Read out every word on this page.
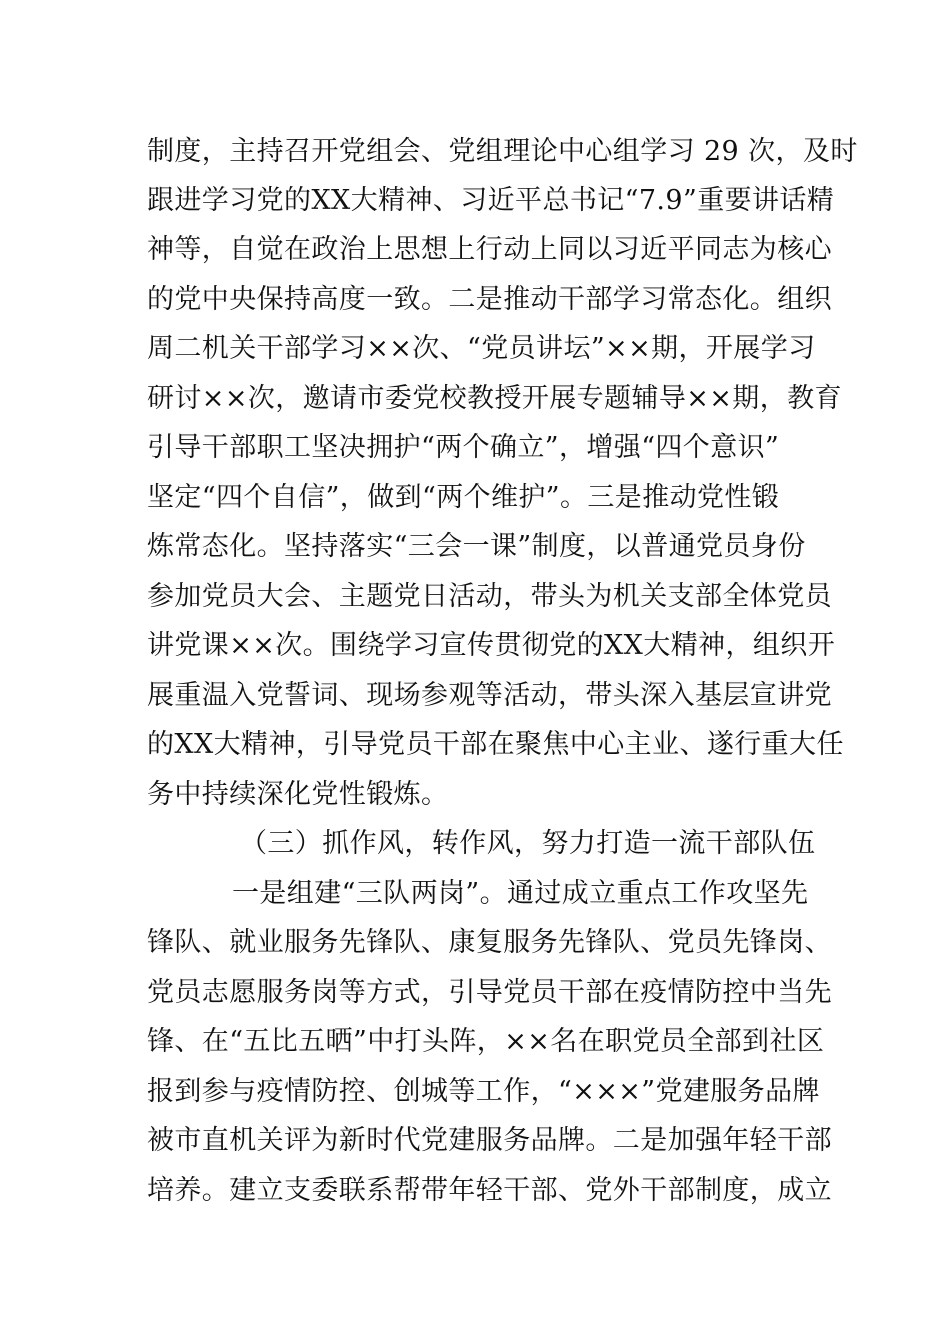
制度，主持召开党组会、党组理论中心组学习 29 次，及时
跟进学习党的XX大精神、习近平总书记“7.9”重要讲话精
神等，自觉在政治上思想上行动上同以习近平同志为核心
的党中央保持高度一致。二是推动干部学习常态化。组织
周二机关干部学习××次、“党员讲坛”××期，开展学习
研讨××次，邀请市委党校教授开展专题辅导××期，教育
引导干部职工坚决拥护“两个确立”，增强“四个意识”
坚定“四个自信”，做到“两个维护”。三是推动党性锻
炼常态化。坚持落实“三会一课”制度，以普通党员身份
参加党员大会、主题党日活动，带头为机关支部全体党员
讲党课××次。围绕学习宣传贯彻党的XX大精神，组织开
展重温入党誓词、现场参观等活动，带头深入基层宣讲党
的XX大精神，引导党员干部在聚焦中心主业、遂行重大任
务中持续深化党性锻炼。
（三）抓作风，转作风，努力打造一流干部队伍
一是组建“三队两岗”。通过成立重点工作攻坚先
锋队、就业服务先锋队、康复服务先锋队、党员先锋岗、
党员志愿服务岗等方式，引导党员干部在疫情防控中当先
锋、在“五比五晒”中打头阵，××名在职党员全部到社区
报到参与疫情防控、创城等工作，“×××”党建服务品牌
被市直机关评为新时代党建服务品牌。二是加强年轻干部
培养。建立支委联系帮带年轻干部、党外干部制度，成立
